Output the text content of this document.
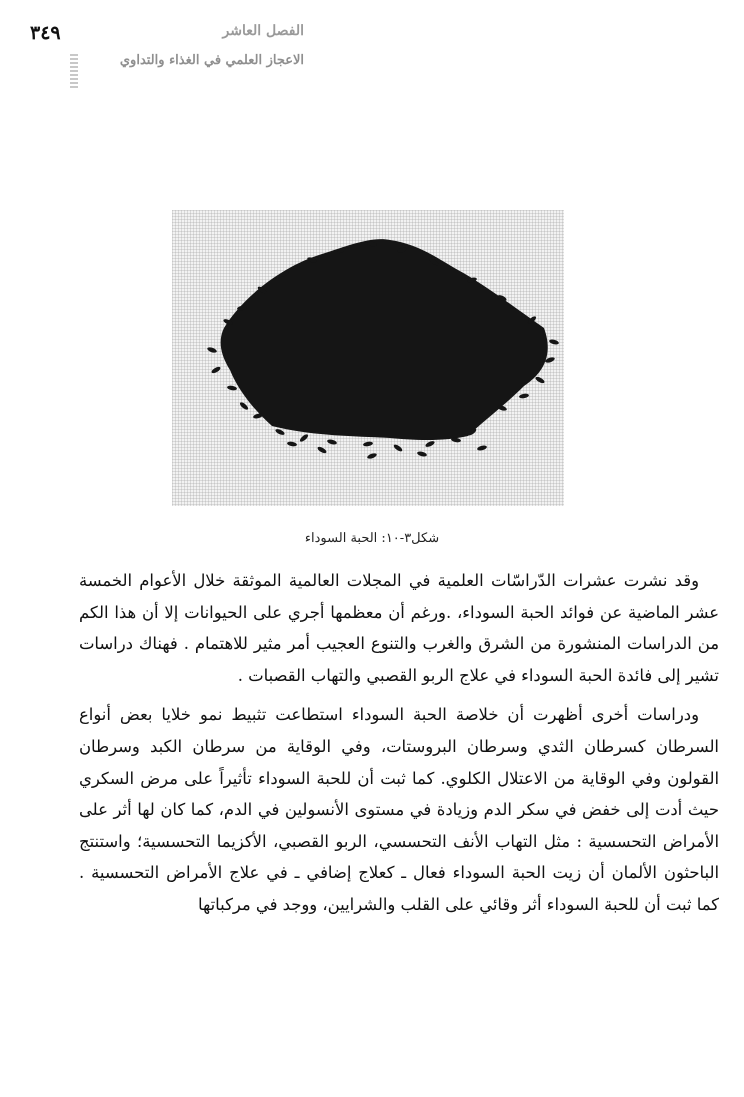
٣٤٩	الفصل العاشر
الاعجاز العلمي في الغذاء والتداوي
شكل٣-١٠: الحبة السوداء

وقد نشرت عشرات الدّراسّات العلمية في المجلات العالمية الموثقة خلال الأعوام الخمسة عشر الماضية عن فوائد الحبة السوداء، .ورغم أن معظمها أجري على الحيوانات إلا أن هذا الكم من الدراسات المنشورة من الشرق والغرب والتنوع العجيب أمر مثير للاهتمام . فهناك دراسات تشير إلى فائدة الحبة السوداء في علاج الربو القصبي والتهاب القصبات .

ودراسات أخرى أظهرت أن خلاصة الحبة السوداء استطاعت تثبيط نمو خلايا بعض أنواع السرطان كسرطان الثدي وسرطان البروستات، وفي الوقاية من سرطان الكبد وسرطان القولون وفي الوقاية من الاعتلال الكلوي. كما ثبت أن للحبة السوداء تأثيراً على مرض السكري حيث أدت إلى خفض في سكر الدم وزيادة في مستوى الأنسولين في الدم، كما كان لها أثر على الأمراض التحسسية : مثل التهاب الأنف التحسسي، الربو القصبي، الأكزيما التحسسية؛ واستنتج الباحثون الألمان أن زيت الحبة السوداء فعال ـ كعلاج إضافي ـ في علاج الأمراض التحسسية . كما ثبت أن للحبة السوداء أثر وقائي على القلب والشرايين، ووجد في مركباتها
